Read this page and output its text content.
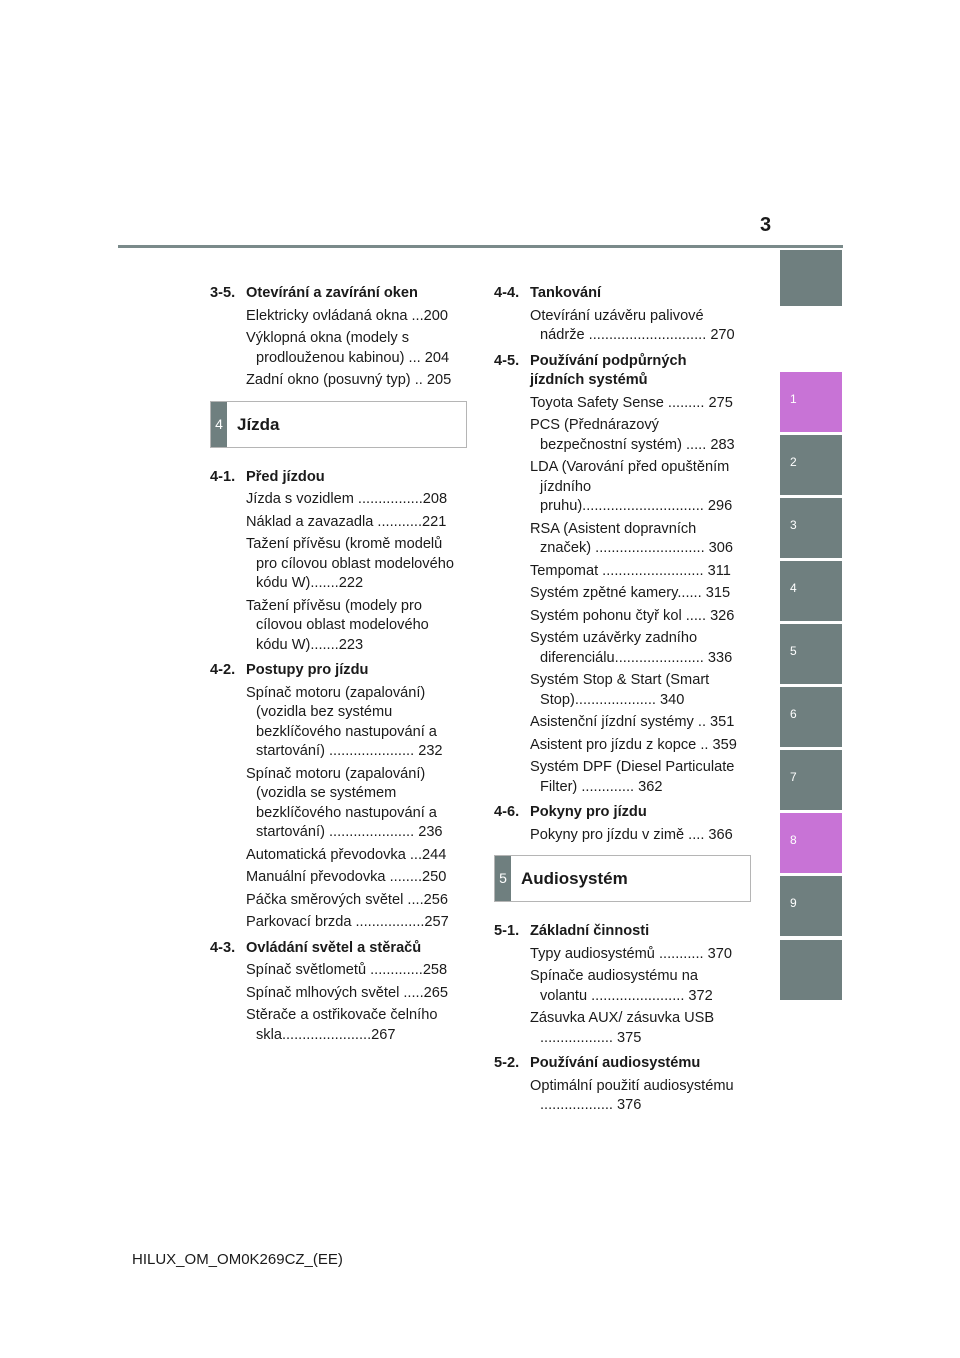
3
1
2
3
4
5
6
7
8
9
3-5. Otevírání a zavírání oken
Elektricky ovládaná okna ...200
Výklopná okna (modely s prodlouženou kabinou) ... 204
Zadní okno (posuvný typ) .. 205
4 Jízda
4-1. Před jízdou
Jízda s vozidlem ................208
Náklad a zavazadla ...........221
Tažení přívěsu (kromě modelů pro cílovou oblast modelového kódu W).......222
Tažení přívěsu (modely pro cílovou oblast modelového kódu W).......223
4-2. Postupy pro jízdu
Spínač motoru (zapalování) (vozidla bez systému bezklíčového nastupování a startování) ..................... 232
Spínač motoru (zapalování) (vozidla se systémem bezklíčového nastupování a startování) ..................... 236
Automatická převodovka ...244
Manuální převodovka ........250
Páčka směrových světel ....256
Parkovací brzda .................257
4-3. Ovládání světel a stěračů
Spínač světlometů .............258
Spínač mlhových světel .....265
Stěrače a ostřikovače čelního skla......................267
4-4. Tankování
Otevírání uzávěru palivové nádrže ............................. 270
4-5. Používání podpůrných jízdních systémů
Toyota Safety Sense ......... 275
PCS (Přednárazový bezpečnostní systém) ..... 283
LDA (Varování před opuštěním jízdního pruhu).............................. 296
RSA (Asistent dopravních značek) ........................... 306
Tempomat ......................... 311
Systém zpětné kamery...... 315
Systém pohonu čtyř kol ..... 326
Systém uzávěrky zadního diferenciálu...................... 336
Systém Stop & Start (Smart Stop).................... 340
Asistenční jízdní systémy .. 351
Asistent pro jízdu z kopce .. 359
Systém DPF (Diesel Particulate Filter) ............. 362
4-6. Pokyny pro jízdu
Pokyny pro jízdu v zimě .... 366
5 Audiosystém
5-1. Základní činnosti
Typy audiosystémů ........... 370
Spínače audiosystému na volantu ....................... 372
Zásuvka AUX/ zásuvka USB .................. 375
5-2. Používání audiosystému
Optimální použití audiosystému .................. 376
HILUX_OM_OM0K269CZ_(EE)
